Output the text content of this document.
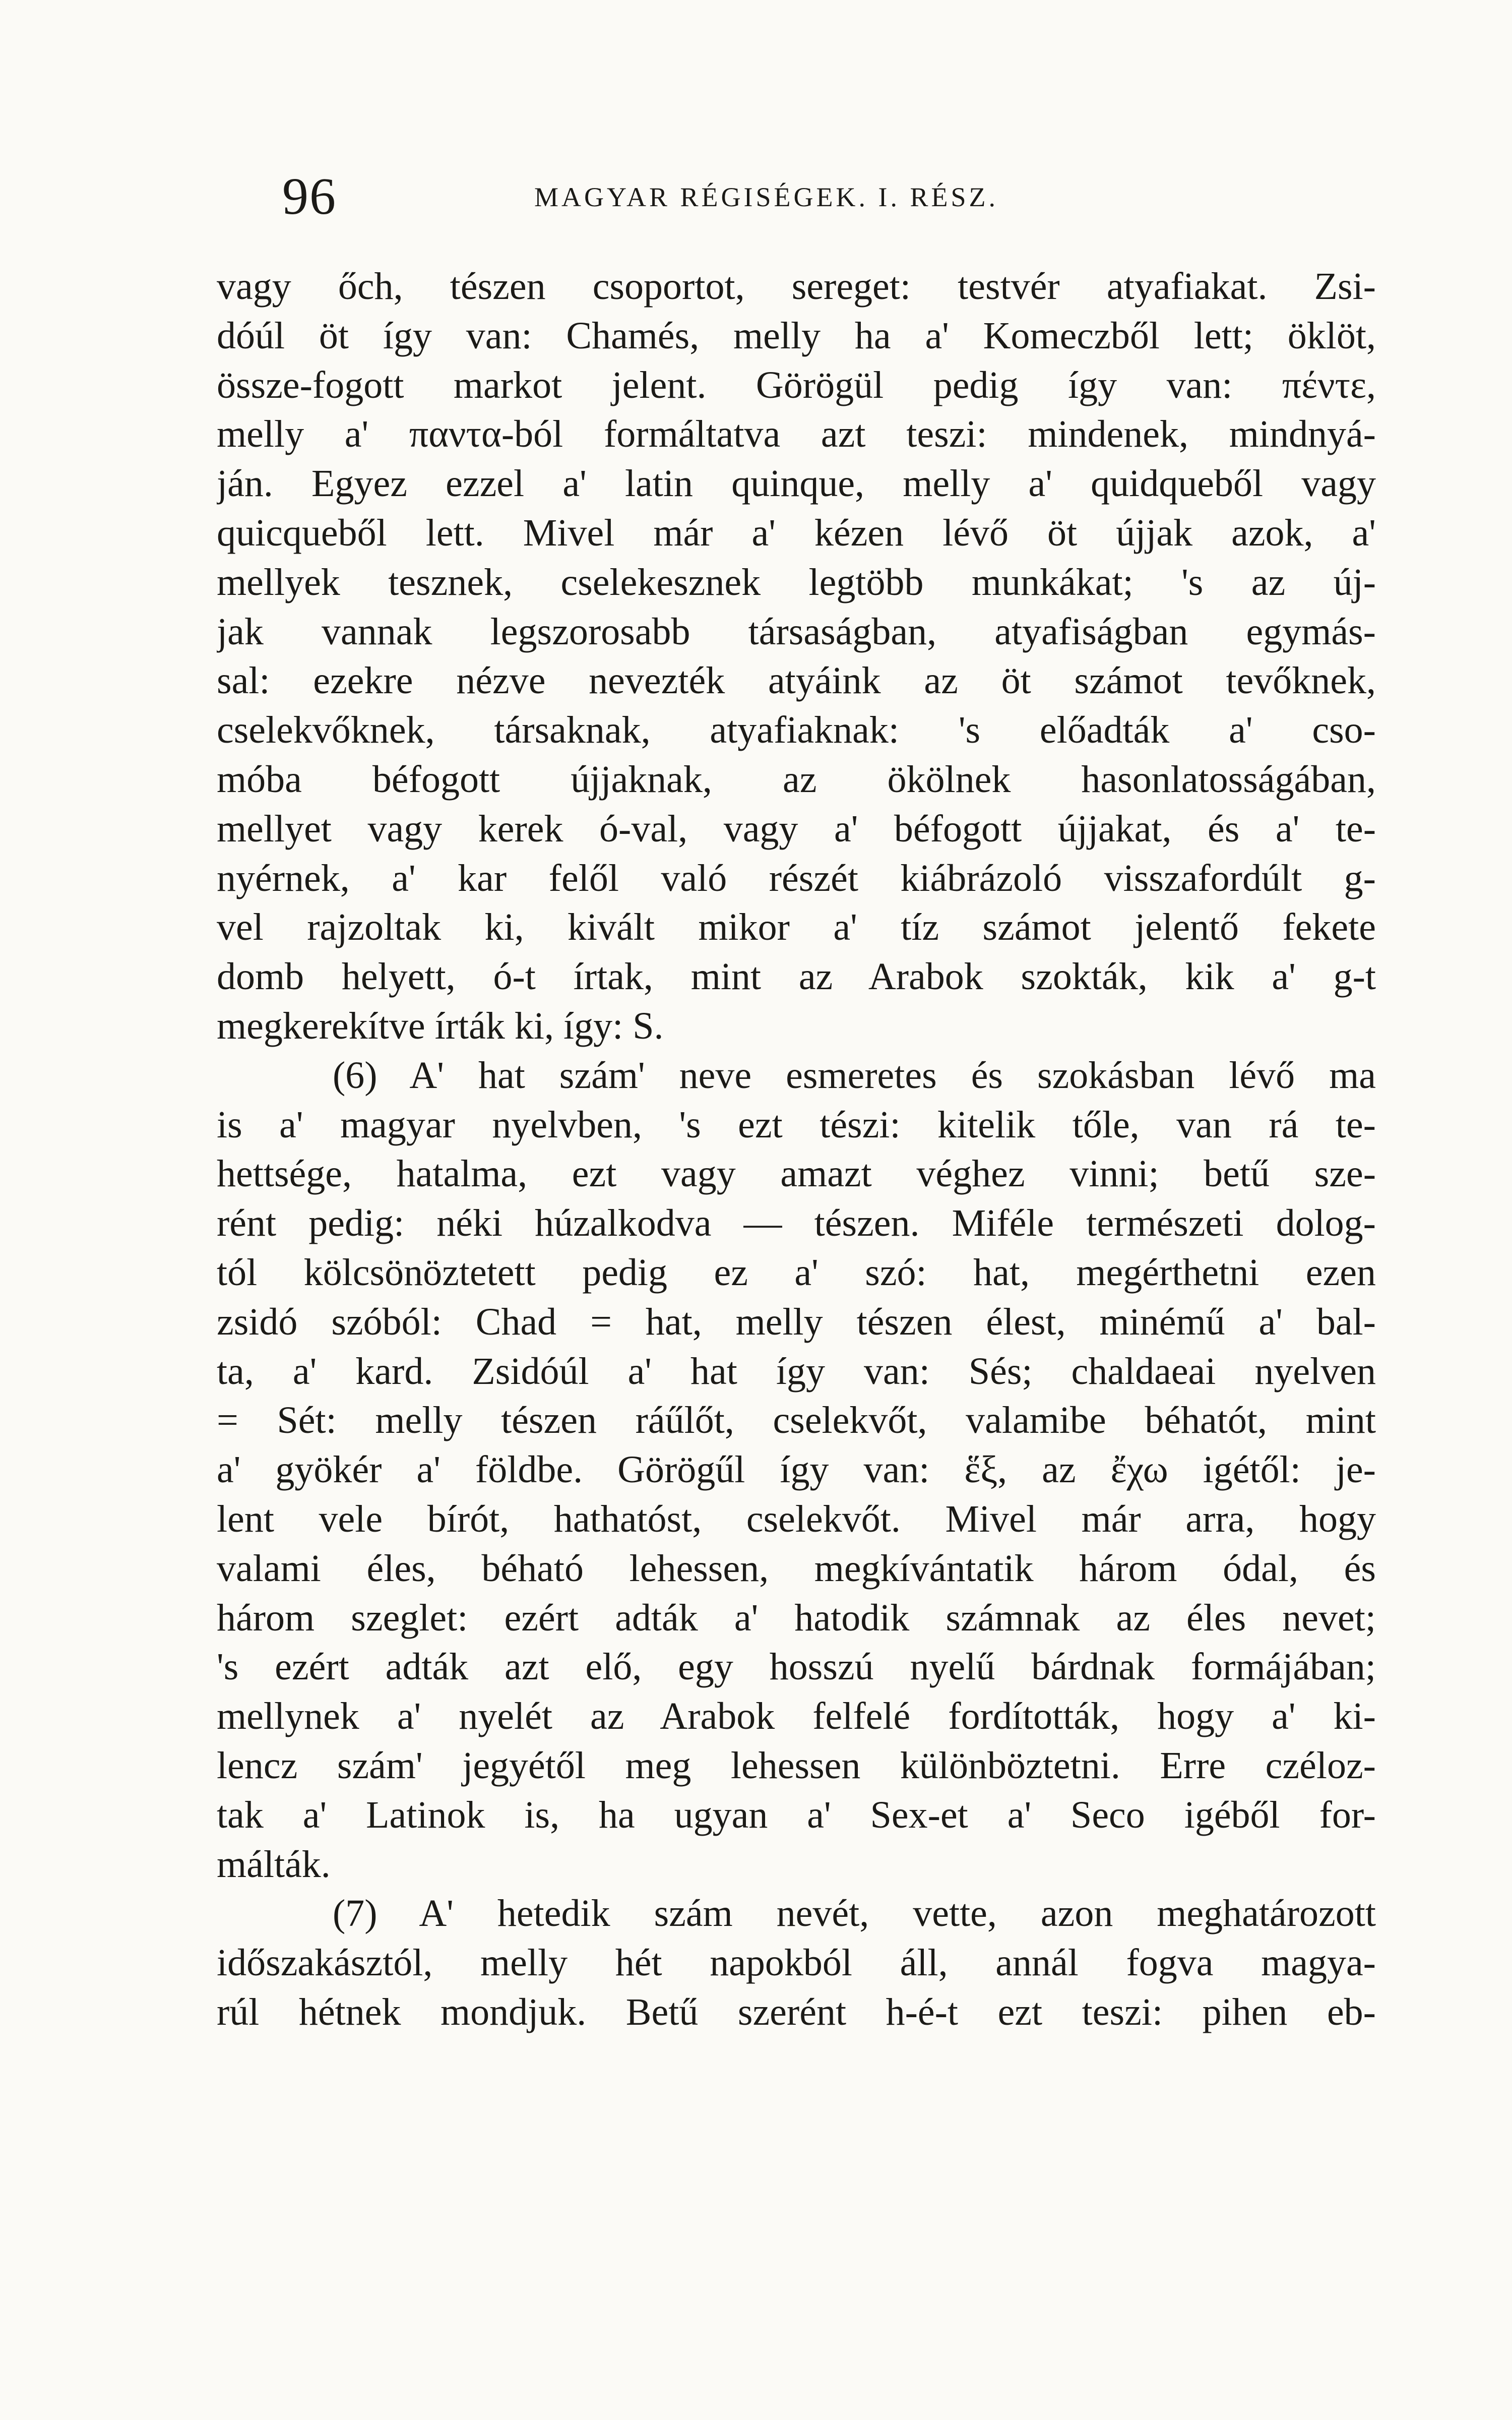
96	MAGYAR RÉGISÉGEK. I. RÉSZ.
vagy őch, tészen csoportot, sereget: testvér atyafiakat. Zsi-
dóúl öt így van: Chamés, melly ha a' Komeczből lett; öklöt,
össze-fogott markot jelent. Görögül pedig így van: πέντε,
melly a' παντα-ból formáltatva azt teszi: mindenek, mindnyá-
ján. Egyez ezzel a' latin quinque, melly a' quidqueből vagy
quicqueből lett. Mivel már a' kézen lévő öt újjak azok, a'
mellyek tesznek, cselekesznek legtöbb munkákat; 's az új-
jak vannak legszorosabb társaságban, atyafiságban egymás-
sal: ezekre nézve nevezték atyáink az öt számot tevőknek,
cselekvőknek, társaknak, atyafiaknak: 's előadták a' cso-
móba béfogott újjaknak, az ökölnek hasonlatosságában,
mellyet vagy kerek ó-val, vagy a' béfogott újjakat, és a' te-
nyérnek, a' kar felől való részét kiábrázoló visszafordúlt g-
vel rajzoltak ki, kivált mikor a' tíz számot jelentő fekete
domb helyett, ó-t írtak, mint az Arabok szokták, kik a' g-t
megkerekítve írták ki, így: S.
(6) A' hat szám' neve esmeretes és szokásban lévő ma
is a' magyar nyelvben, 's ezt tészi: kitelik tőle, van rá te-
hettsége, hatalma, ezt vagy amazt véghez vinni; betű sze-
rént pedig: néki húzalkodva — tészen. Miféle természeti dolog-
tól kölcsönöztetett pedig ez a' szó: hat, megérthetni ezen
zsidó szóból: Chad = hat, melly tészen élest, minémű a' bal-
ta, a' kard. Zsidóúl a' hat így van: Sés; chaldaeai nyelven
= Sét: melly tészen ráűlőt, cselekvőt, valamibe béhatót, mint
a' gyökér a' földbe. Görögűl így van: ἕξ, az ἔχω igétől: je-
lent vele bírót, hathatóst, cselekvőt. Mivel már arra, hogy
valami éles, béható lehessen, megkívántatik három ódal, és
három szeglet: ezért adták a' hatodik számnak az éles nevet;
's ezért adták azt elő, egy hosszú nyelű bárdnak formájában;
mellynek a' nyelét az Arabok felfelé fordították, hogy a' ki-
lencz szám' jegyétől meg lehessen különböztetni. Erre czéloz-
tak a' Latinok is, ha ugyan a' Sex-et a' Seco igéből for-
málták.
(7) A' hetedik szám nevét, vette, azon meghatározott
időszakásztól, melly hét napokból áll, annál fogva magya-
rúl hétnek mondjuk. Betű szerént h-é-t ezt teszi: pihen eb-
